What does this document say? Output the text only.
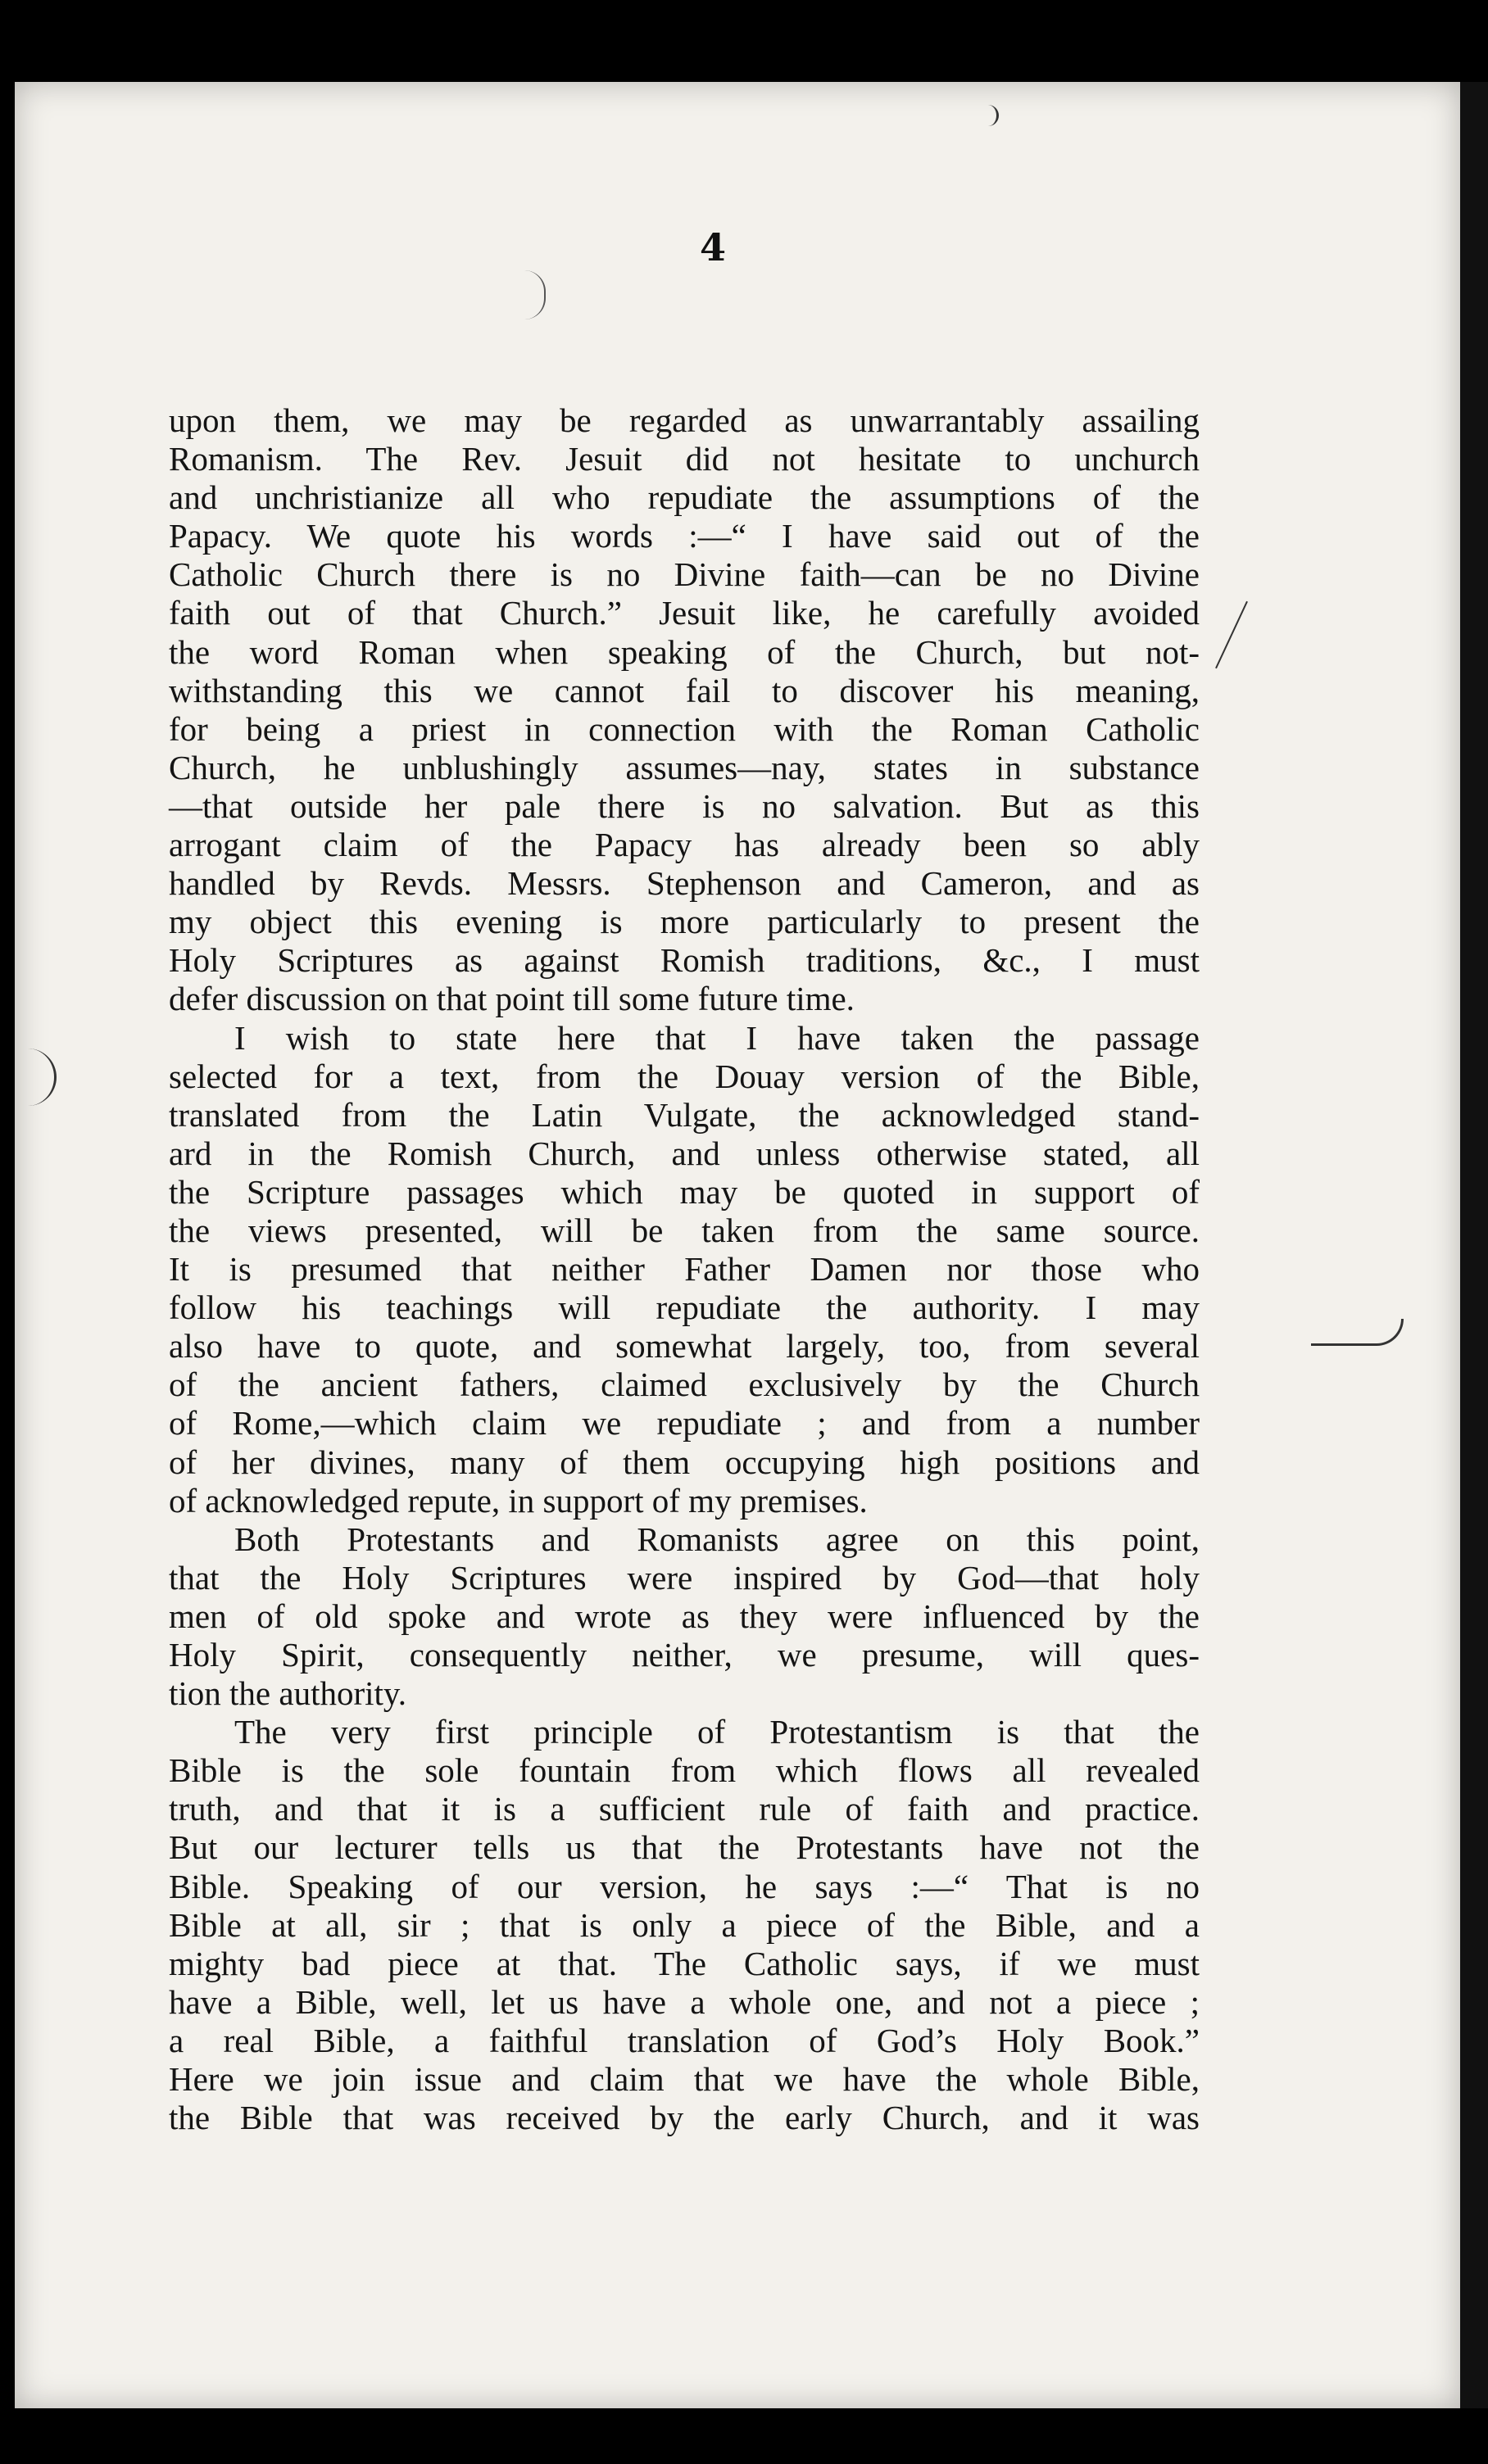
4
upon them, we may be regarded as unwarrantably assailing
Romanism. The Rev. Jesuit did not hesitate to unchurch
and unchristianize all who repudiate the assumptions of the
Papacy. We quote his words :—“ I have said out of the
Catholic Church there is no Divine faith—can be no Divine
faith out of that Church.” Jesuit like, he carefully avoided
the word Roman when speaking of the Church, but not-
withstanding this we cannot fail to discover his meaning,
for being a priest in connection with the Roman Catholic
Church, he unblushingly assumes—nay, states in substance
—that outside her pale there is no salvation. But as this
arrogant claim of the Papacy has already been so ably
handled by Revds. Messrs. Stephenson and Cameron, and as
my object this evening is more particularly to present the
Holy Scriptures as against Romish traditions, &c., I must
defer discussion on that point till some future time.
I wish to state here that I have taken the passage
selected for a text, from the Douay version of the Bible,
translated from the Latin Vulgate, the acknowledged stand-
ard in the Romish Church, and unless otherwise stated, all
the Scripture passages which may be quoted in support of
the views presented, will be taken from the same source.
It is presumed that neither Father Damen nor those who
follow his teachings will repudiate the authority. I may
also have to quote, and somewhat largely, too, from several
of the ancient fathers, claimed exclusively by the Church
of Rome,—which claim we repudiate ; and from a number
of her divines, many of them occupying high positions and
of acknowledged repute, in support of my premises.
Both Protestants and Romanists agree on this point,
that the Holy Scriptures were inspired by God—that holy
men of old spoke and wrote as they were influenced by the
Holy Spirit, consequently neither, we presume, will ques-
tion the authority.
The very first principle of Protestantism is that the
Bible is the sole fountain from which flows all revealed
truth, and that it is a sufficient rule of faith and practice.
But our lecturer tells us that the Protestants have not the
Bible. Speaking of our version, he says :—“ That is no
Bible at all, sir ; that is only a piece of the Bible, and a
mighty bad piece at that. The Catholic says, if we must
have a Bible, well, let us have a whole one, and not a piece ;
a real Bible, a faithful translation of God’s Holy Book.”
Here we join issue and claim that we have the whole Bible,
the Bible that was received by the early Church, and it was
